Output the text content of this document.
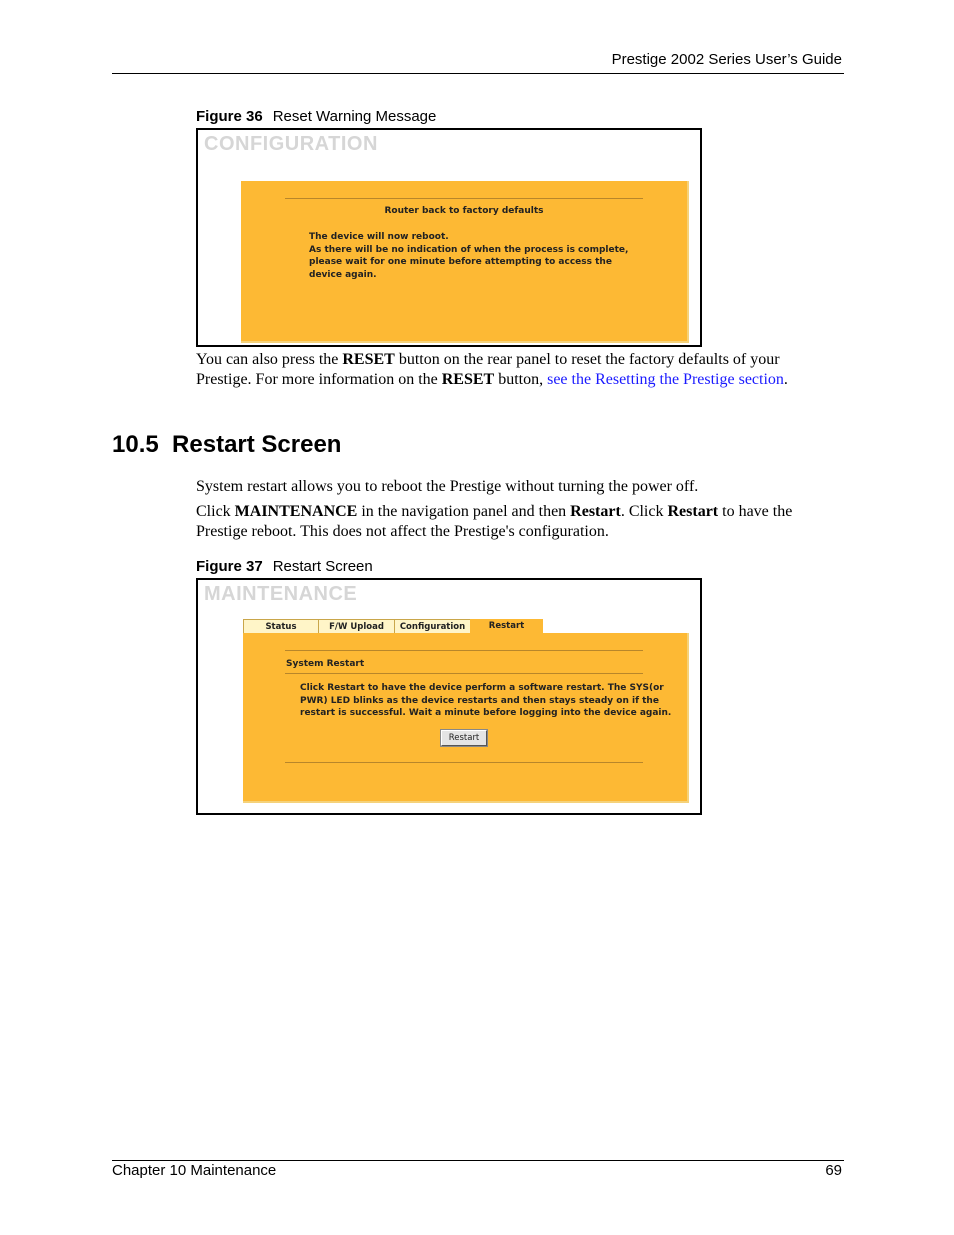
Prestige 2002 Series User’s Guide
Figure 36 Reset Warning Message
CONFIGURATION
Router back to factory defaults
The device will now reboot.
As there will be no indication of when the process is complete,
please wait for one minute before attempting to access the
device again.
You can also press the RESET button on the rear panel to reset the factory defaults of your
Prestige. For more information on the RESET button, see the Resetting the Prestige section.
10.5  Restart Screen
System restart allows you to reboot the Prestige without turning the power off.
Click MAINTENANCE in the navigation panel and then Restart. Click Restart to have the
Prestige reboot. This does not affect the Prestige's configuration.
Figure 37 Restart Screen
MAINTENANCE
Status	F/W Upload	Configuration	Restart
System Restart
Click Restart to have the device perform a software restart. The SYS(or
PWR) LED blinks as the device restarts and then stays steady on if the
restart is successful. Wait a minute before logging into the device again.
Restart
Chapter 10 Maintenance	69
